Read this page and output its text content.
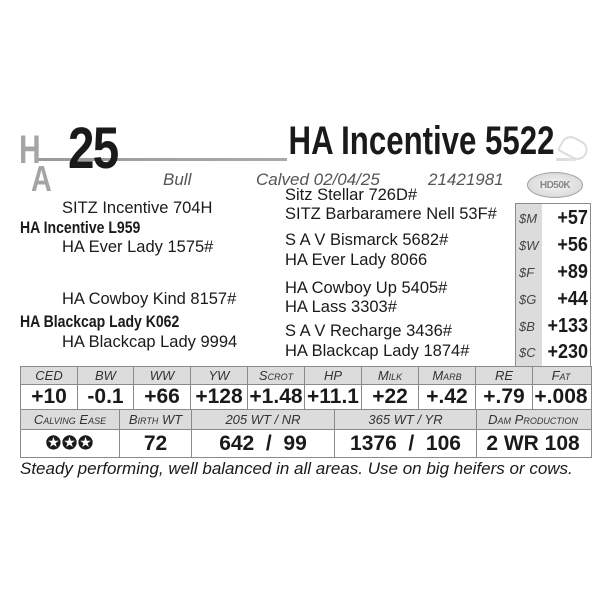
H
A 25	HA Incentive 5522
Bull	Calved 02/04/25	21421981	HD50K
SITZ Incentive 704H
HA Incentive L959
HA Ever Lady 1575#
HA Cowboy Kind 8157#
HA Blackcap Lady K062
HA Blackcap Lady 9994
Sitz Stellar 726D#
SITZ Barbaramere Nell 53F#
S A V Bismarck 5682#
HA Ever Lady 8066
HA Cowboy Up 5405#
HA Lass 3303#
S A V Recharge 3436#
HA Blackcap Lady 1874#
$M +57
$W +56
$F +89
$G +44
$B +133
$C +230
CED	BW	WW	YW	Scrot	HP	Milk	Marb	RE	Fat
+10 -0.1 +66 +128 +1.48 +11.1 +22 +.42 +.79 +.008
Calving Ease	Birth WT	205 WT / NR	365 WT / YR	Dam Production
✪✪✪	72	642  /  99	1376  /  106	2 WR 108
Steady performing, well balanced in all areas. Use on big heifers or cows.
